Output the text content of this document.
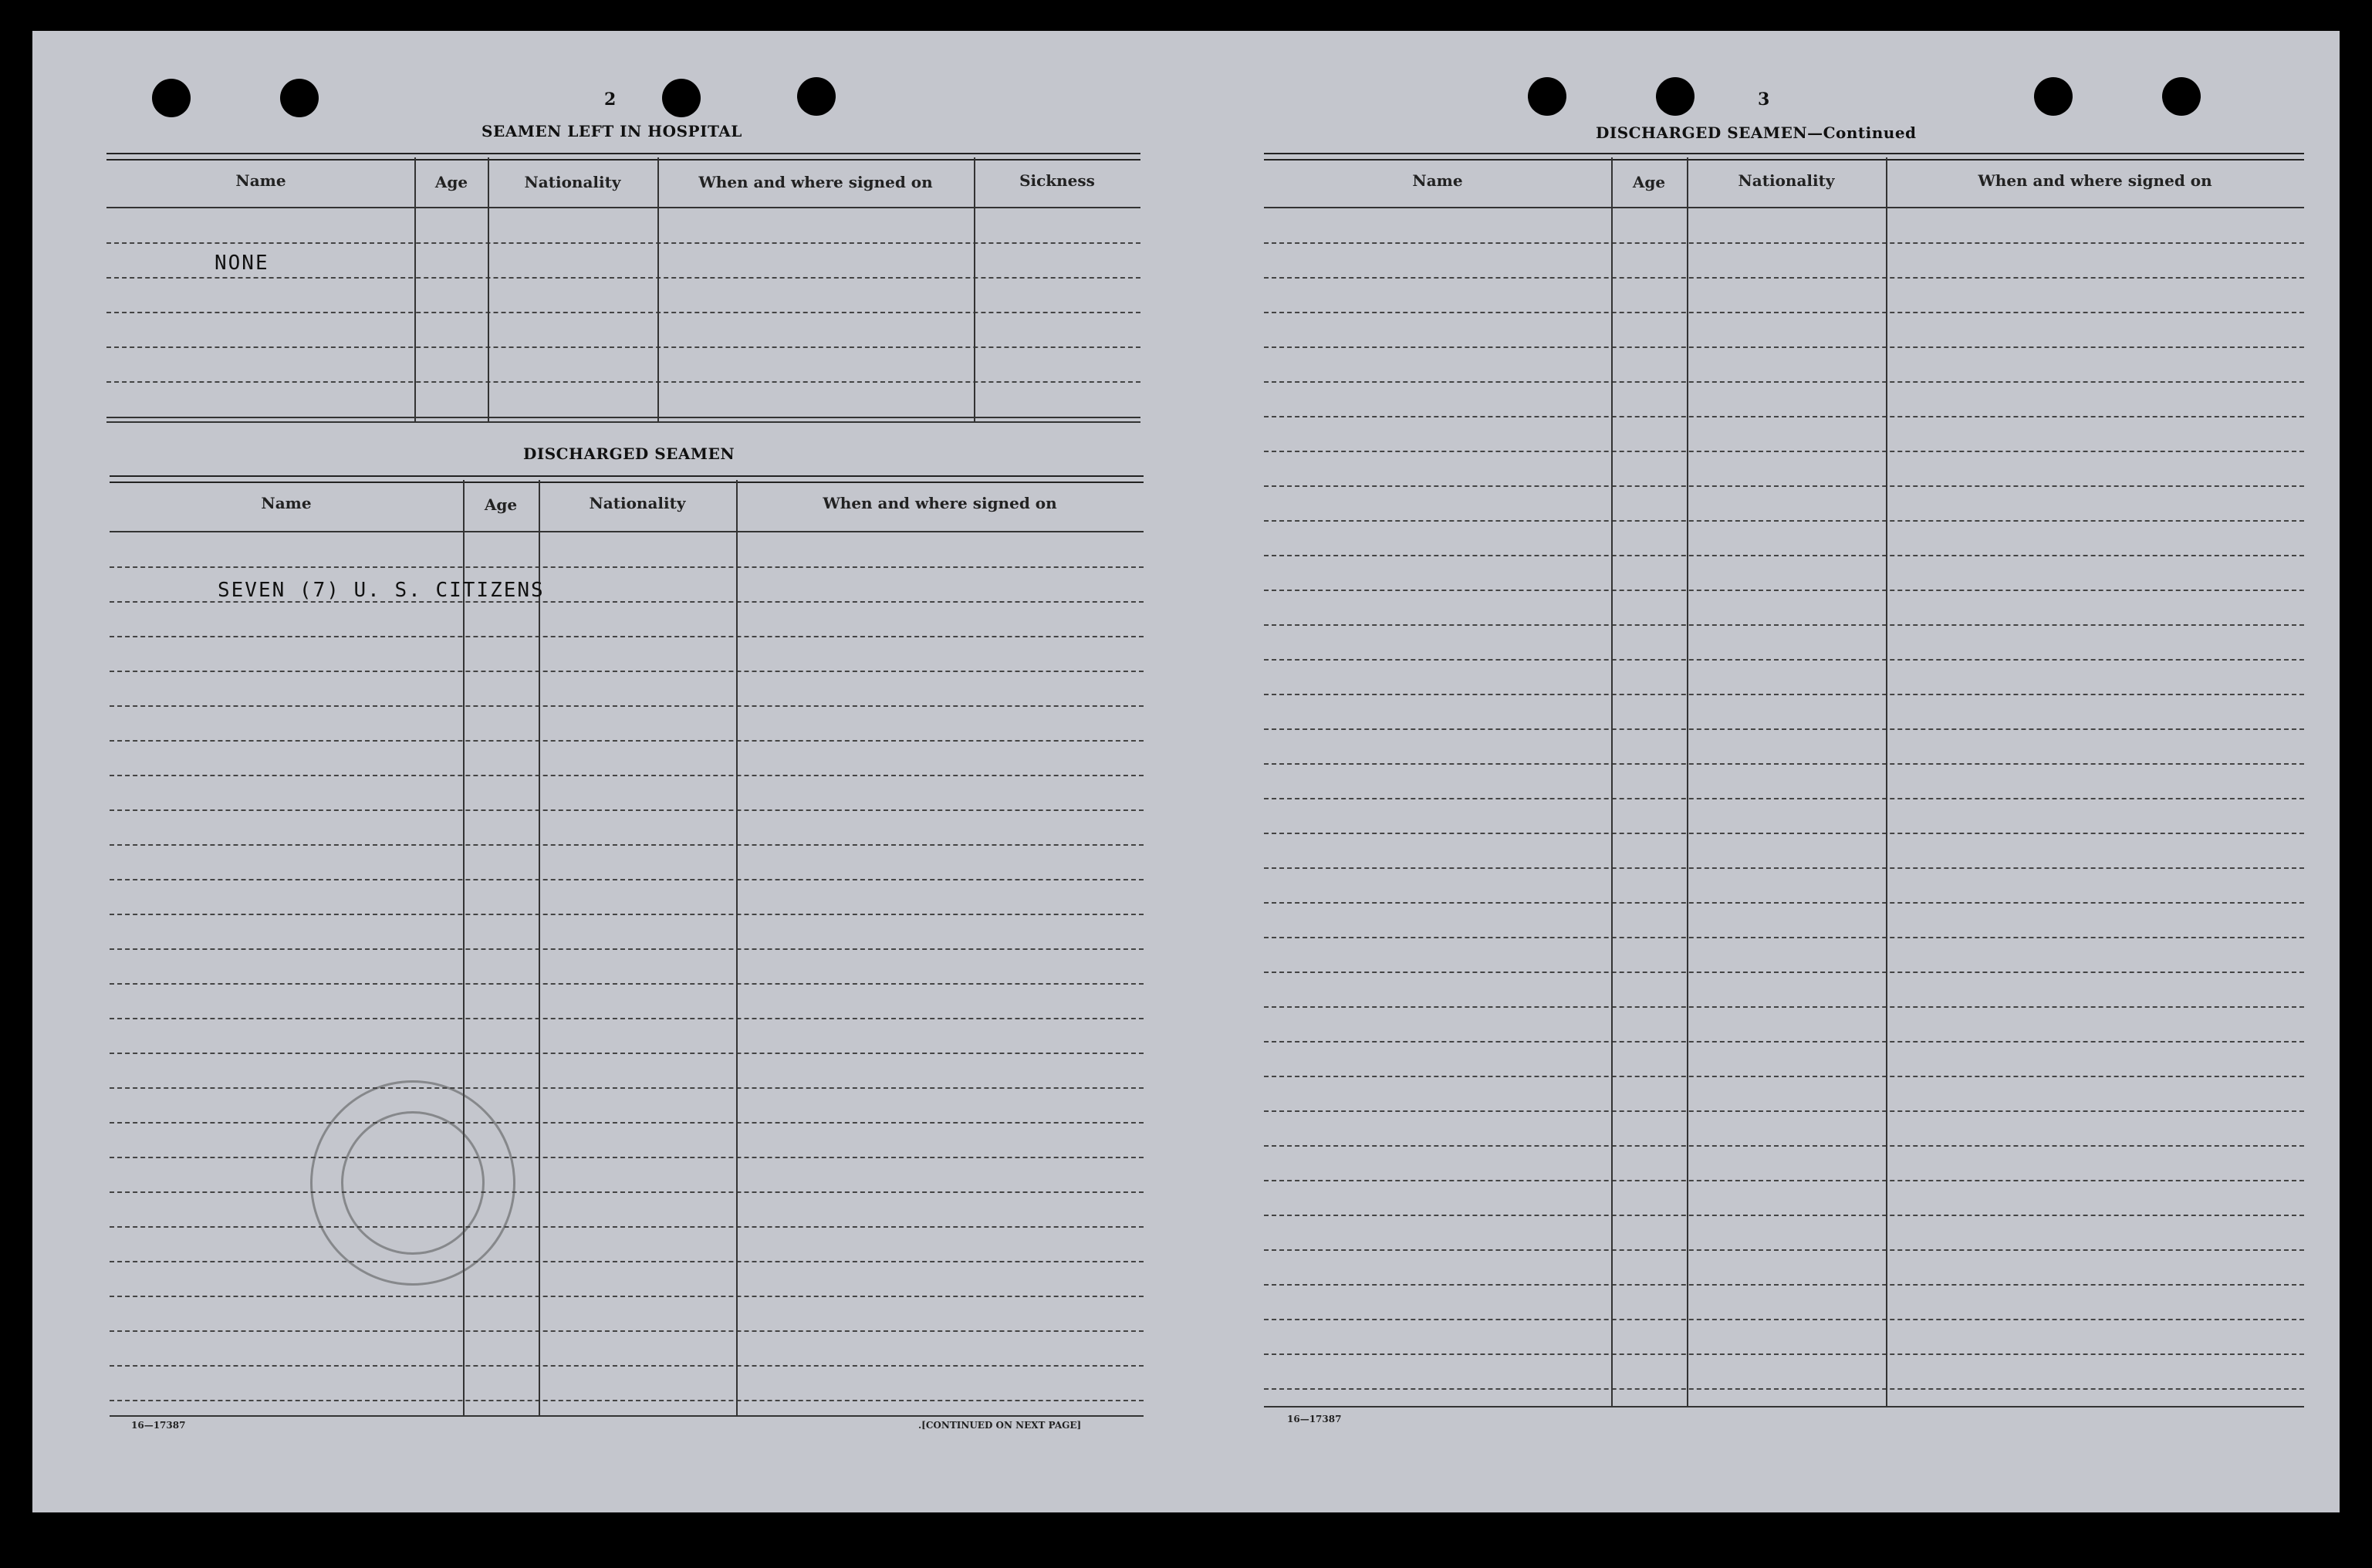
2
SEAMEN LEFT IN HOSPITAL
Name	Age	Nationality	When and where signed on	Sickness
NONE
DISCHARGED SEAMEN
Name	Age	Nationality	When and where signed on
SEVEN (7) U. S. CITIZENS
16—17387	.[CONTINUED ON NEXT PAGE]
3
DISCHARGED SEAMEN—Continued
Name	Age	Nationality	When and where signed on
16—17387
